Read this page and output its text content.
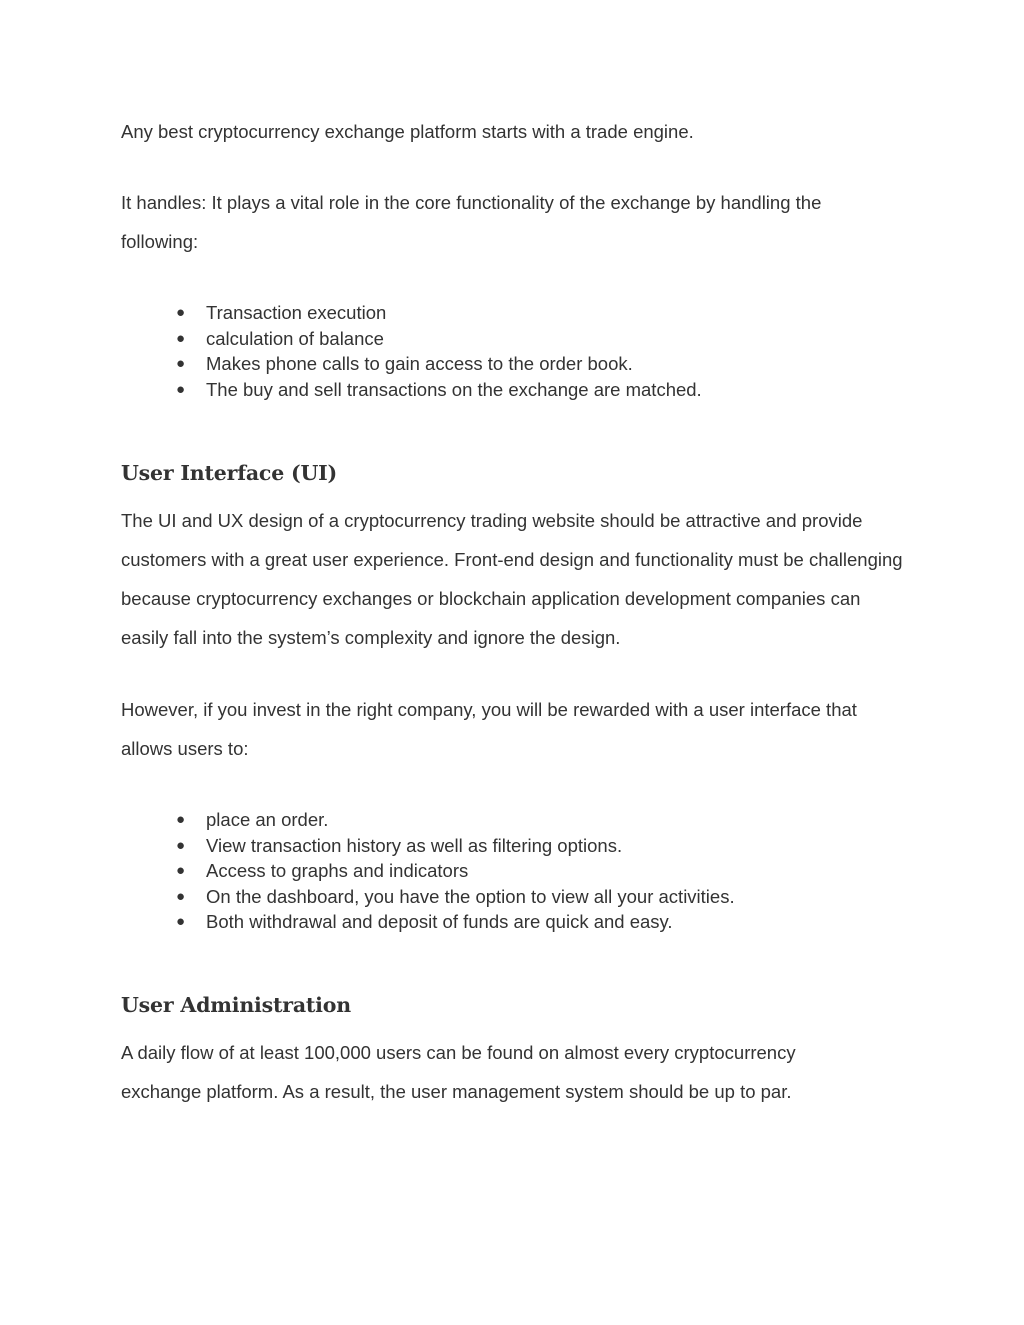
Any best cryptocurrency exchange platform starts with a trade engine.

It handles: It plays a vital role in the core functionality of the exchange by handling the following:

● Transaction execution
● calculation of balance
● Makes phone calls to gain access to the order book.
● The buy and sell transactions on the exchange are matched.
User Interface (UI)

The UI and UX design of a cryptocurrency trading website should be attractive and provide customers with a great user experience. Front-end design and functionality must be challenging because cryptocurrency exchanges or blockchain application development companies can easily fall into the system’s complexity and ignore the design.

However, if you invest in the right company, you will be rewarded with a user interface that allows users to:

● place an order.
● View transaction history as well as filtering options.
● Access to graphs and indicators
● On the dashboard, you have the option to view all your activities.
● Both withdrawal and deposit of funds are quick and easy.
User Administration

A daily flow of at least 100,000 users can be found on almost every cryptocurrency exchange platform. As a result, the user management system should be up to par.
